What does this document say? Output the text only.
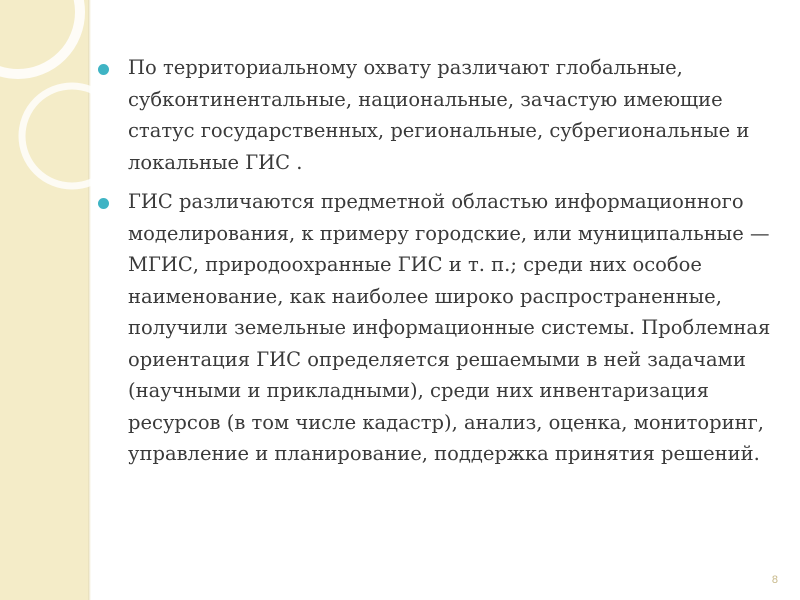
По территориальному охвату различают глобальные, субконтинентальные, национальные, зачастую имеющие статус государственных, региональные, субрегиональные и локальные ГИС .
ГИС различаются предметной областью информационного моделирования, к примеру городские, или муниципальные — МГИС, природоохранные ГИС и т. п.; среди них особое наименование, как наиболее широко распространенные, получили земельные информационные системы. Проблемная ориентация ГИС определяется решаемыми в ней задачами (научными и прикладными), среди них инвентаризация ресурсов (в том числе кадастр), анализ, оценка, мониторинг, управление и планирование, поддержка принятия решений.
8
